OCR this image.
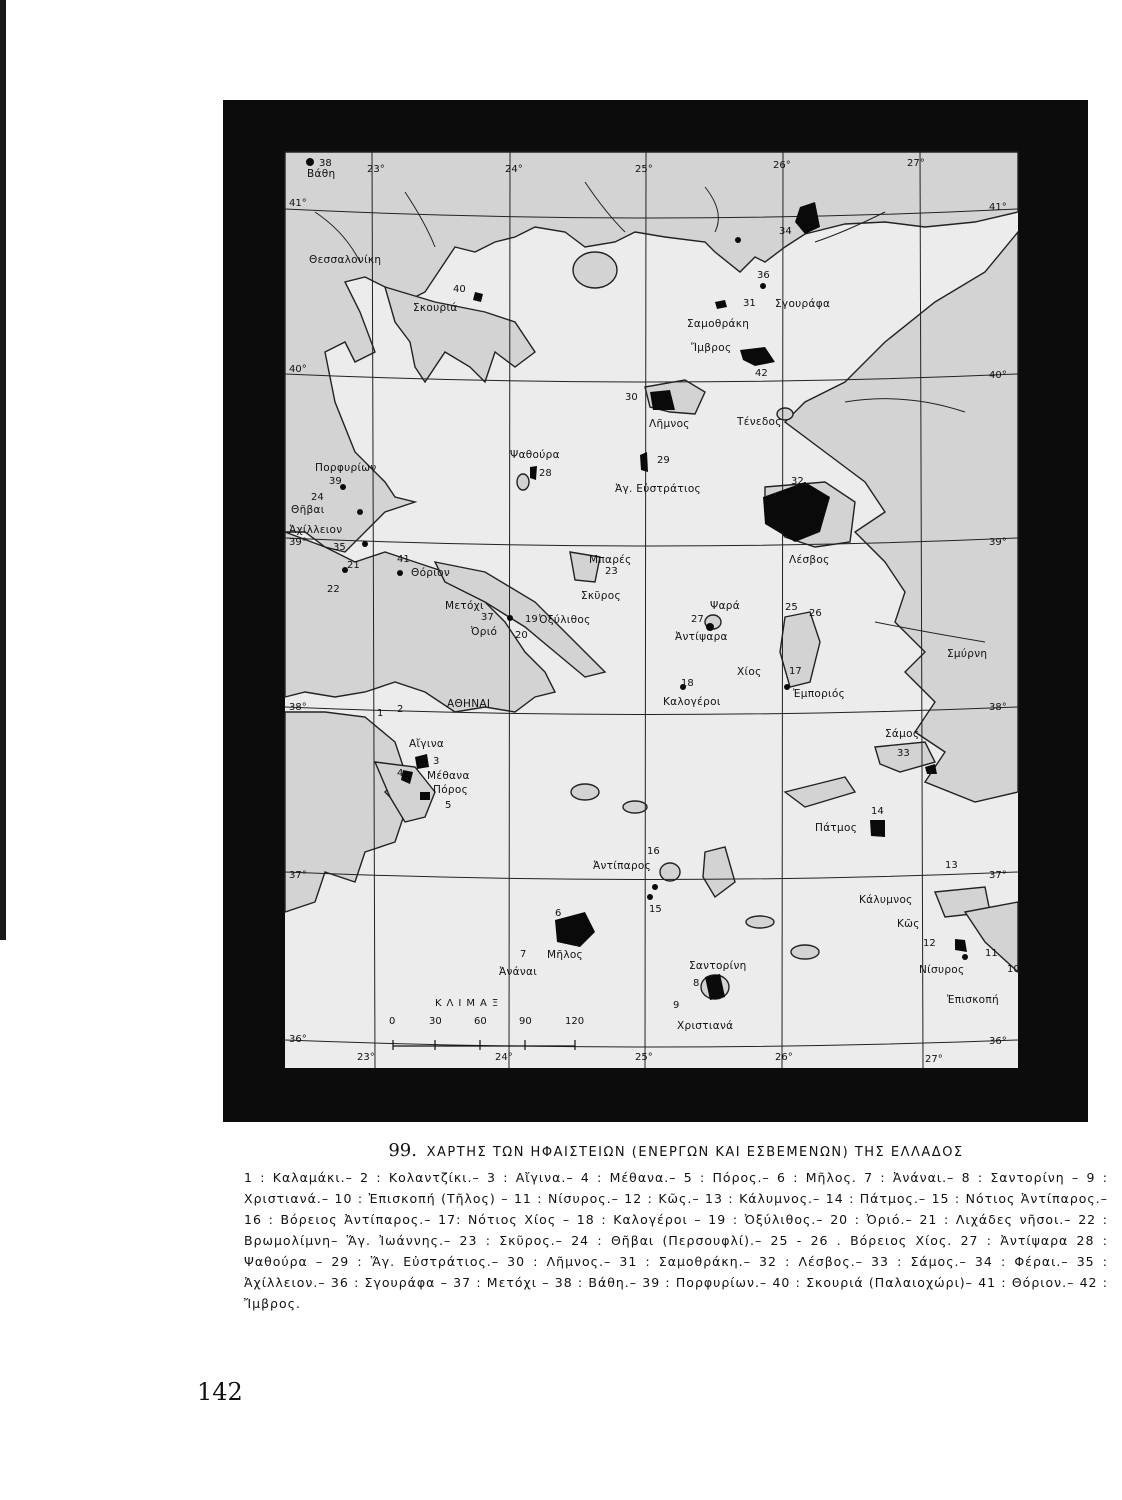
23°	24°	25°	26°	27°
41°
40°
39°
38°
37°
36°
41°
40°
39°
38°
37°
36°
23°	24°	25°	26°	27°
Βάθη
Θεσσαλονίκη
Σκουριά	Σγουράφα
Σαμοθράκη
Ἴμβρος
Λῆμνος	Τένεδος
Ψαθούρα
Ἀγ. Εὐστράτιος
Πορφυρίων
Θῆβαι
Ἀχίλλειον
Θόριον
Μπαρές
Σκῦρος
Λέσβος
Μετόχι
Ὀριό
Ὀξύλιθος
Ψαρά
Ἀντίψαρα
Χίος
Ἐμποριός
Σμύρνη
Καλογέροι
ΑΘΗΝΑΙ
Αἴγινα
Μέθανα
Πόρος
Σάμος
Πάτμος
Ἀντίπαρος
Κάλυμνος
Κῶς
Μῆλος
Ἀνάναι	Σαντορίνη	Νίσυρος
Ἐπισκοπή
Χριστιανά
1 2
3
4
5
6
7
8
9
10
11
12
13
14
15
16
17
18
19
20
21
22
23
24
25
26
27
28
29
30
31
32
33
34
35
36
37
38
39
40
41
42
ΚΛΙΜΑΞ
0	30	60	90	120
99. ΧΑΡΤΗΣ ΤΩΝ ΗΦΑΙΣΤΕΙΩΝ (ΕΝΕΡΓΩΝ ΚΑΙ ΕΣΒΕΜΕΝΩΝ) ΤΗΣ ΕΛΛΑΔΟΣ
1 : Καλαμάκι.– 2 : Κολαντζίκι.– 3 : Αἴγινα.– 4 : Μέθανα.– 5 : Πόρος.– 6 : Μῆλος. 7 : Ἀνάναι.– 8 : Σαντορίνη – 9 : Χριστιανά.– 10 : Ἐπισκοπή (Τῆλος) – 11 : Νίσυρος.– 12 : Κῶς.– 13 : Κάλυμνος.– 14 : Πάτμος.– 15 : Νότιος Ἀντίπαρος.–16 : Βόρειος Ἀντίπαρος.– 17: Νότιος Χίος – 18 : Καλογέροι – 19 : Ὀξύλιθος.– 20 : Ὀριό.– 21 : Λιχάδες νῆσοι.– 22 : Βρωμολίμνη– Ἅγ. Ἰωάννης.– 23 : Σκῦρος.– 24 : Θῆβαι (Περσουφλί).– 25 - 26 . Βόρειος Χίος. 27 : Ἀντίψαρα 28 : Ψαθούρα – 29 : Ἅγ. Εὐστράτιος.– 30 : Λῆμνος.– 31 : Σαμοθράκη.– 32 : Λέσβος.– 33 : Σάμος.– 34 : Φέραι.– 35 : Ἀχίλλειον.– 36 : Σγουράφα – 37 : Μετόχι – 38 : Βάθη.– 39 : Πορφυρίων.– 40 : Σκουριά (Παλαιοχώρι)– 41 : Θόριον.– 42 : Ἴμβρος.
142
